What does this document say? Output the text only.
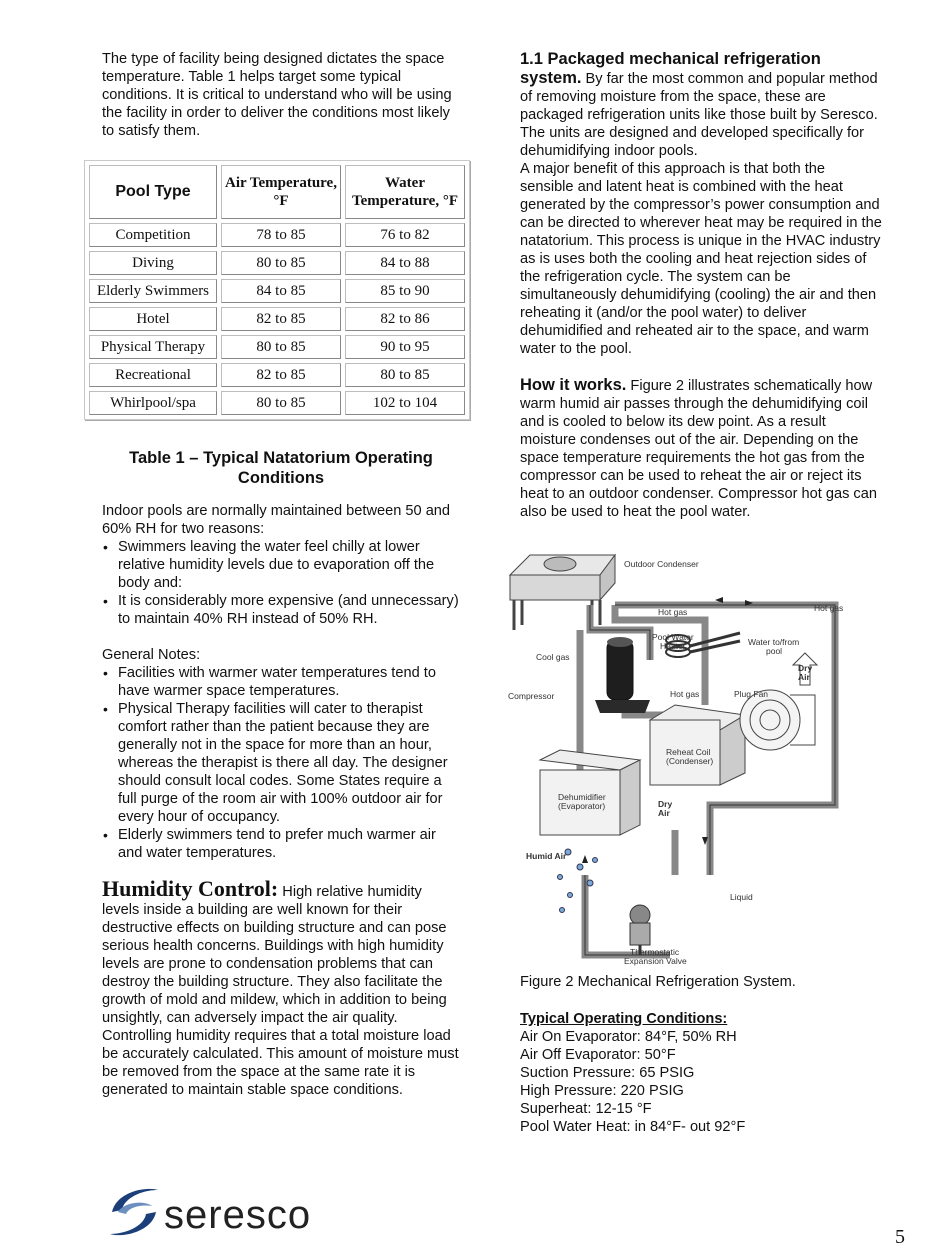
The type of facility being designed dictates the space temperature. Table 1 helps target some typical conditions. It is critical to understand who will be using the facility in order to deliver the conditions most likely to satisfy them.

Pool Type	Air Temperature, °F	Water Temperature, °F
Competition	78 to 85	76 to 82
Diving	80 to 85	84 to 88
Elderly Swimmers	84 to 85	85 to 90
Hotel	82 to 85	82 to 86
Physical Therapy	80 to 85	90 to 95
Recreational	82 to 85	80 to 85
Whirlpool/spa	80 to 85	102 to 104
Table 1 – Typical Natatorium Operating Conditions

Indoor pools are normally maintained between 50 and 60% RH for two reasons:

• Swimmers leaving the water feel chilly at lower relative humidity levels due to evaporation off the body and:
• It is considerably more expensive (and unnecessary) to maintain 40% RH instead of 50% RH.

General Notes:

• Facilities with warmer water temperatures tend to have warmer space temperatures.
• Physical Therapy facilities will cater to therapist comfort rather than the patient because they are generally not in the space for more than an hour, whereas the therapist is there all day. The designer should consult local codes. Some States require a full purge of the room air with 100% outdoor air for every hour of occupancy.
• Elderly swimmers tend to prefer much warmer air and water temperatures.

Humidity Control: High relative humidity levels inside a building are well known for their destructive effects on building structure and can pose serious health concerns. Buildings with high humidity levels are prone to condensation problems that can destroy the building structure. They also facilitate the growth of mold and mildew, which in addition to being unsightly, can adversely impact the air quality. Controlling humidity requires that a total moisture load be accurately calculated. This amount of moisture must be removed from the space at the same rate it is generated to maintain stable space conditions.

1.1 Packaged mechanical refrigeration system. By far the most common and popular method of removing moisture from the space, these are packaged refrigeration units like those built by Seresco. The units are designed and developed specifically for dehumidifying indoor pools.

A major benefit of this approach is that both the sensible and latent heat is combined with the heat generated by the compressor’s power consumption and can be directed to wherever heat may be required in the natatorium. This process is unique in the HVAC industry as is uses both the cooling and heat rejection sides of the refrigeration cycle. The system can be simultaneously dehumidifying (cooling) the air and then reheating it (and/or the pool water) to deliver dehumidified and reheated air to the space, and warm water to the pool.

How it works. Figure 2 illustrates schematically how warm humid air passes through the dehumidifying coil and is cooled to below its dew point. As a result moisture condenses out of the air. Depending on the space temperature requirements the hot gas from the compressor can be used to reheat the air or reject its heat to an outdoor condenser. Compressor hot gas can also be used to heat the pool water.

Outdoor Condenser
Hot gas	Hot gas
Cool gas
Pool Water
Heater	Water to/from
pool
Dry
Air
Compressor	Hot gas	Plug Fan
Reheat Coil
(Condenser)
Dehumidifier
(Evaporator)	Dry
Air
Humid Air
Liquid
Thermostatic
Expansion Valve
Figure 2 Mechanical Refrigeration System.
Typical Operating Conditions:
Air On Evaporator: 84°F, 50% RH
Air Off Evaporator: 50°F
Suction Pressure: 65 PSIG
High Pressure: 220 PSIG
Superheat: 12-15 °F
Pool Water Heat: in 84°F- out 92°F
seresco	5
